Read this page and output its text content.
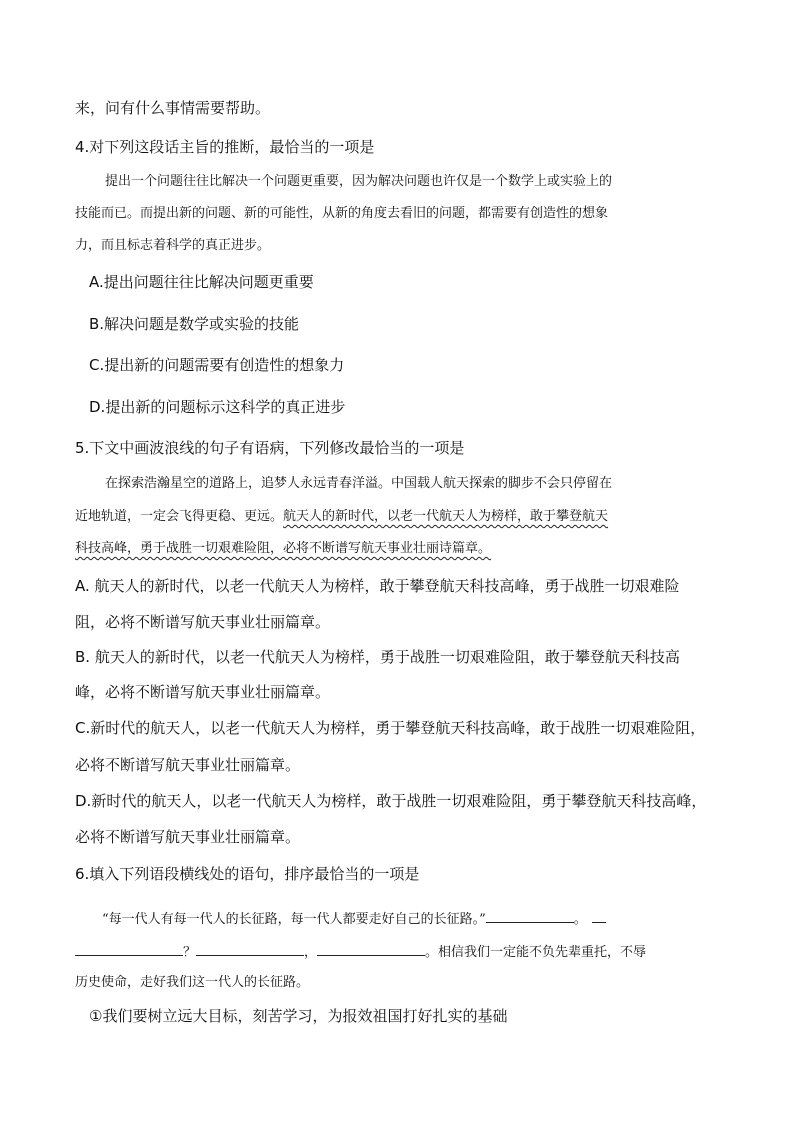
来，问有什么事情需要帮助。
4.对下列这段话主旨的推断，最恰当的一项是
提出一个问题往往比解决一个问题更重要，因为解决问题也许仅是一个数学上或实验上的
技能而已。而提出新的问题、新的可能性，从新的角度去看旧的问题，都需要有创造性的想象
力，而且标志着科学的真正进步。
A.提出问题往往比解决问题更重要
B.解决问题是数学或实验的技能
C.提出新的问题需要有创造性的想象力
D.提出新的问题标示这科学的真正进步
5.下文中画波浪线的句子有语病，下列修改最恰当的一项是
在探索浩瀚星空的道路上，追梦人永远青春洋溢。中国载人航天探索的脚步不会只停留在
近地轨道，一定会飞得更稳、更远。航天人的新时代，以老一代航天人为榜样，敢于攀登航天
科技高峰，勇于战胜一切艰难险阻，必将不断谱写航天事业壮丽诗篇章。
A. 航天人的新时代，以老一代航天人为榜样，敢于攀登航天科技高峰，勇于战胜一切艰难险
阻，必将不断谱写航天事业壮丽篇章。
B. 航天人的新时代，以老一代航天人为榜样，勇于战胜一切艰难险阻，敢于攀登航天科技高
峰，必将不断谱写航天事业壮丽篇章。
C.新时代的航天人，以老一代航天人为榜样，勇于攀登航天科技高峰，敢于战胜一切艰难险阻，
必将不断谱写航天事业壮丽篇章。
D.新时代的航天人，以老一代航天人为榜样，敢于战胜一切艰难险阻，勇于攀登航天科技高峰，
必将不断谱写航天事业壮丽篇章。
6.填入下列语段横线处的语句，排序最恰当的一项是
“每一代人有每一代人的长征路，每一代人都要走好自己的长征路。”	。
？	，	。相信我们一定能不负先辈重托，不辱
历史使命，走好我们这一代人的长征路。
①我们要树立远大目标，刻苦学习，为报效祖国打好扎实的基础
